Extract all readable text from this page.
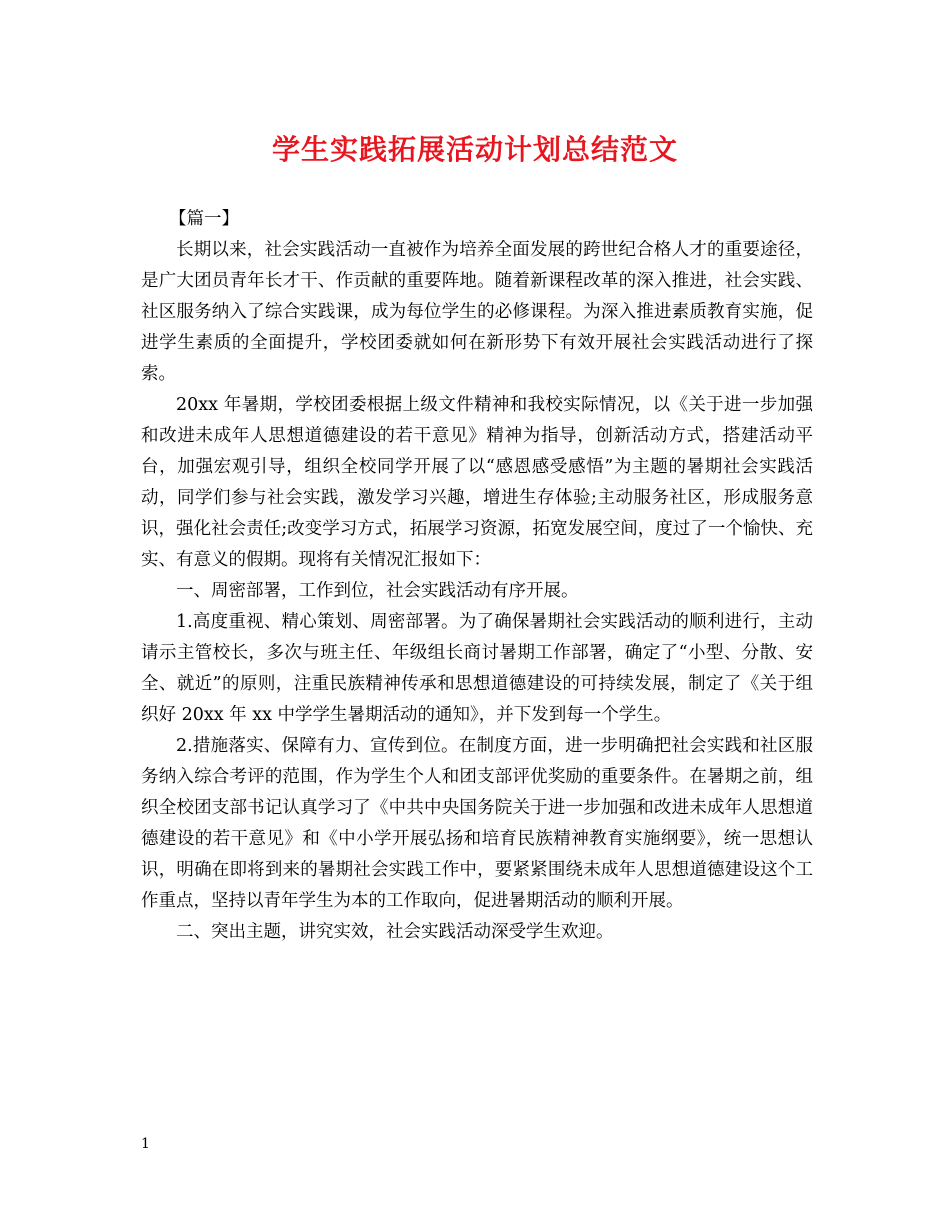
学生实践拓展活动计划总结范文

【篇一】

长期以来，社会实践活动一直被作为培养全面发展的跨世纪合格人才的重要途径，是广大团员青年长才干、作贡献的重要阵地。随着新课程改革的深入推进，社会实践、社区服务纳入了综合实践课，成为每位学生的必修课程。为深入推进素质教育实施，促进学生素质的全面提升，学校团委就如何在新形势下有效开展社会实践活动进行了探索。

20xx 年暑期，学校团委根据上级文件精神和我校实际情况，以《关于进一步加强和改进未成年人思想道德建设的若干意见》精神为指导，创新活动方式，搭建活动平台，加强宏观引导，组织全校同学开展了以“感恩感受感悟”为主题的暑期社会实践活动，同学们参与社会实践，激发学习兴趣，增进生存体验;主动服务社区，形成服务意识，强化社会责任;改变学习方式，拓展学习资源，拓宽发展空间，度过了一个愉快、充实、有意义的假期。现将有关情况汇报如下：

一、周密部署，工作到位，社会实践活动有序开展。

1.高度重视、精心策划、周密部署。为了确保暑期社会实践活动的顺利进行，主动请示主管校长，多次与班主任、年级组长商讨暑期工作部署，确定了“小型、分散、安全、就近”的原则，注重民族精神传承和思想道德建设的可持续发展，制定了《关于组织好 20xx 年 xx 中学学生暑期活动的通知》，并下发到每一个学生。

2.措施落实、保障有力、宣传到位。在制度方面，进一步明确把社会实践和社区服务纳入综合考评的范围，作为学生个人和团支部评优奖励的重要条件。在暑期之前，组织全校团支部书记认真学习了《中共中央国务院关于进一步加强和改进未成年人思想道德建设的若干意见》和《中小学开展弘扬和培育民族精神教育实施纲要》，统一思想认识，明确在即将到来的暑期社会实践工作中，要紧紧围绕未成年人思想道德建设这个工作重点，坚持以青年学生为本的工作取向，促进暑期活动的顺利开展。

二、突出主题，讲究实效，社会实践活动深受学生欢迎。

1
